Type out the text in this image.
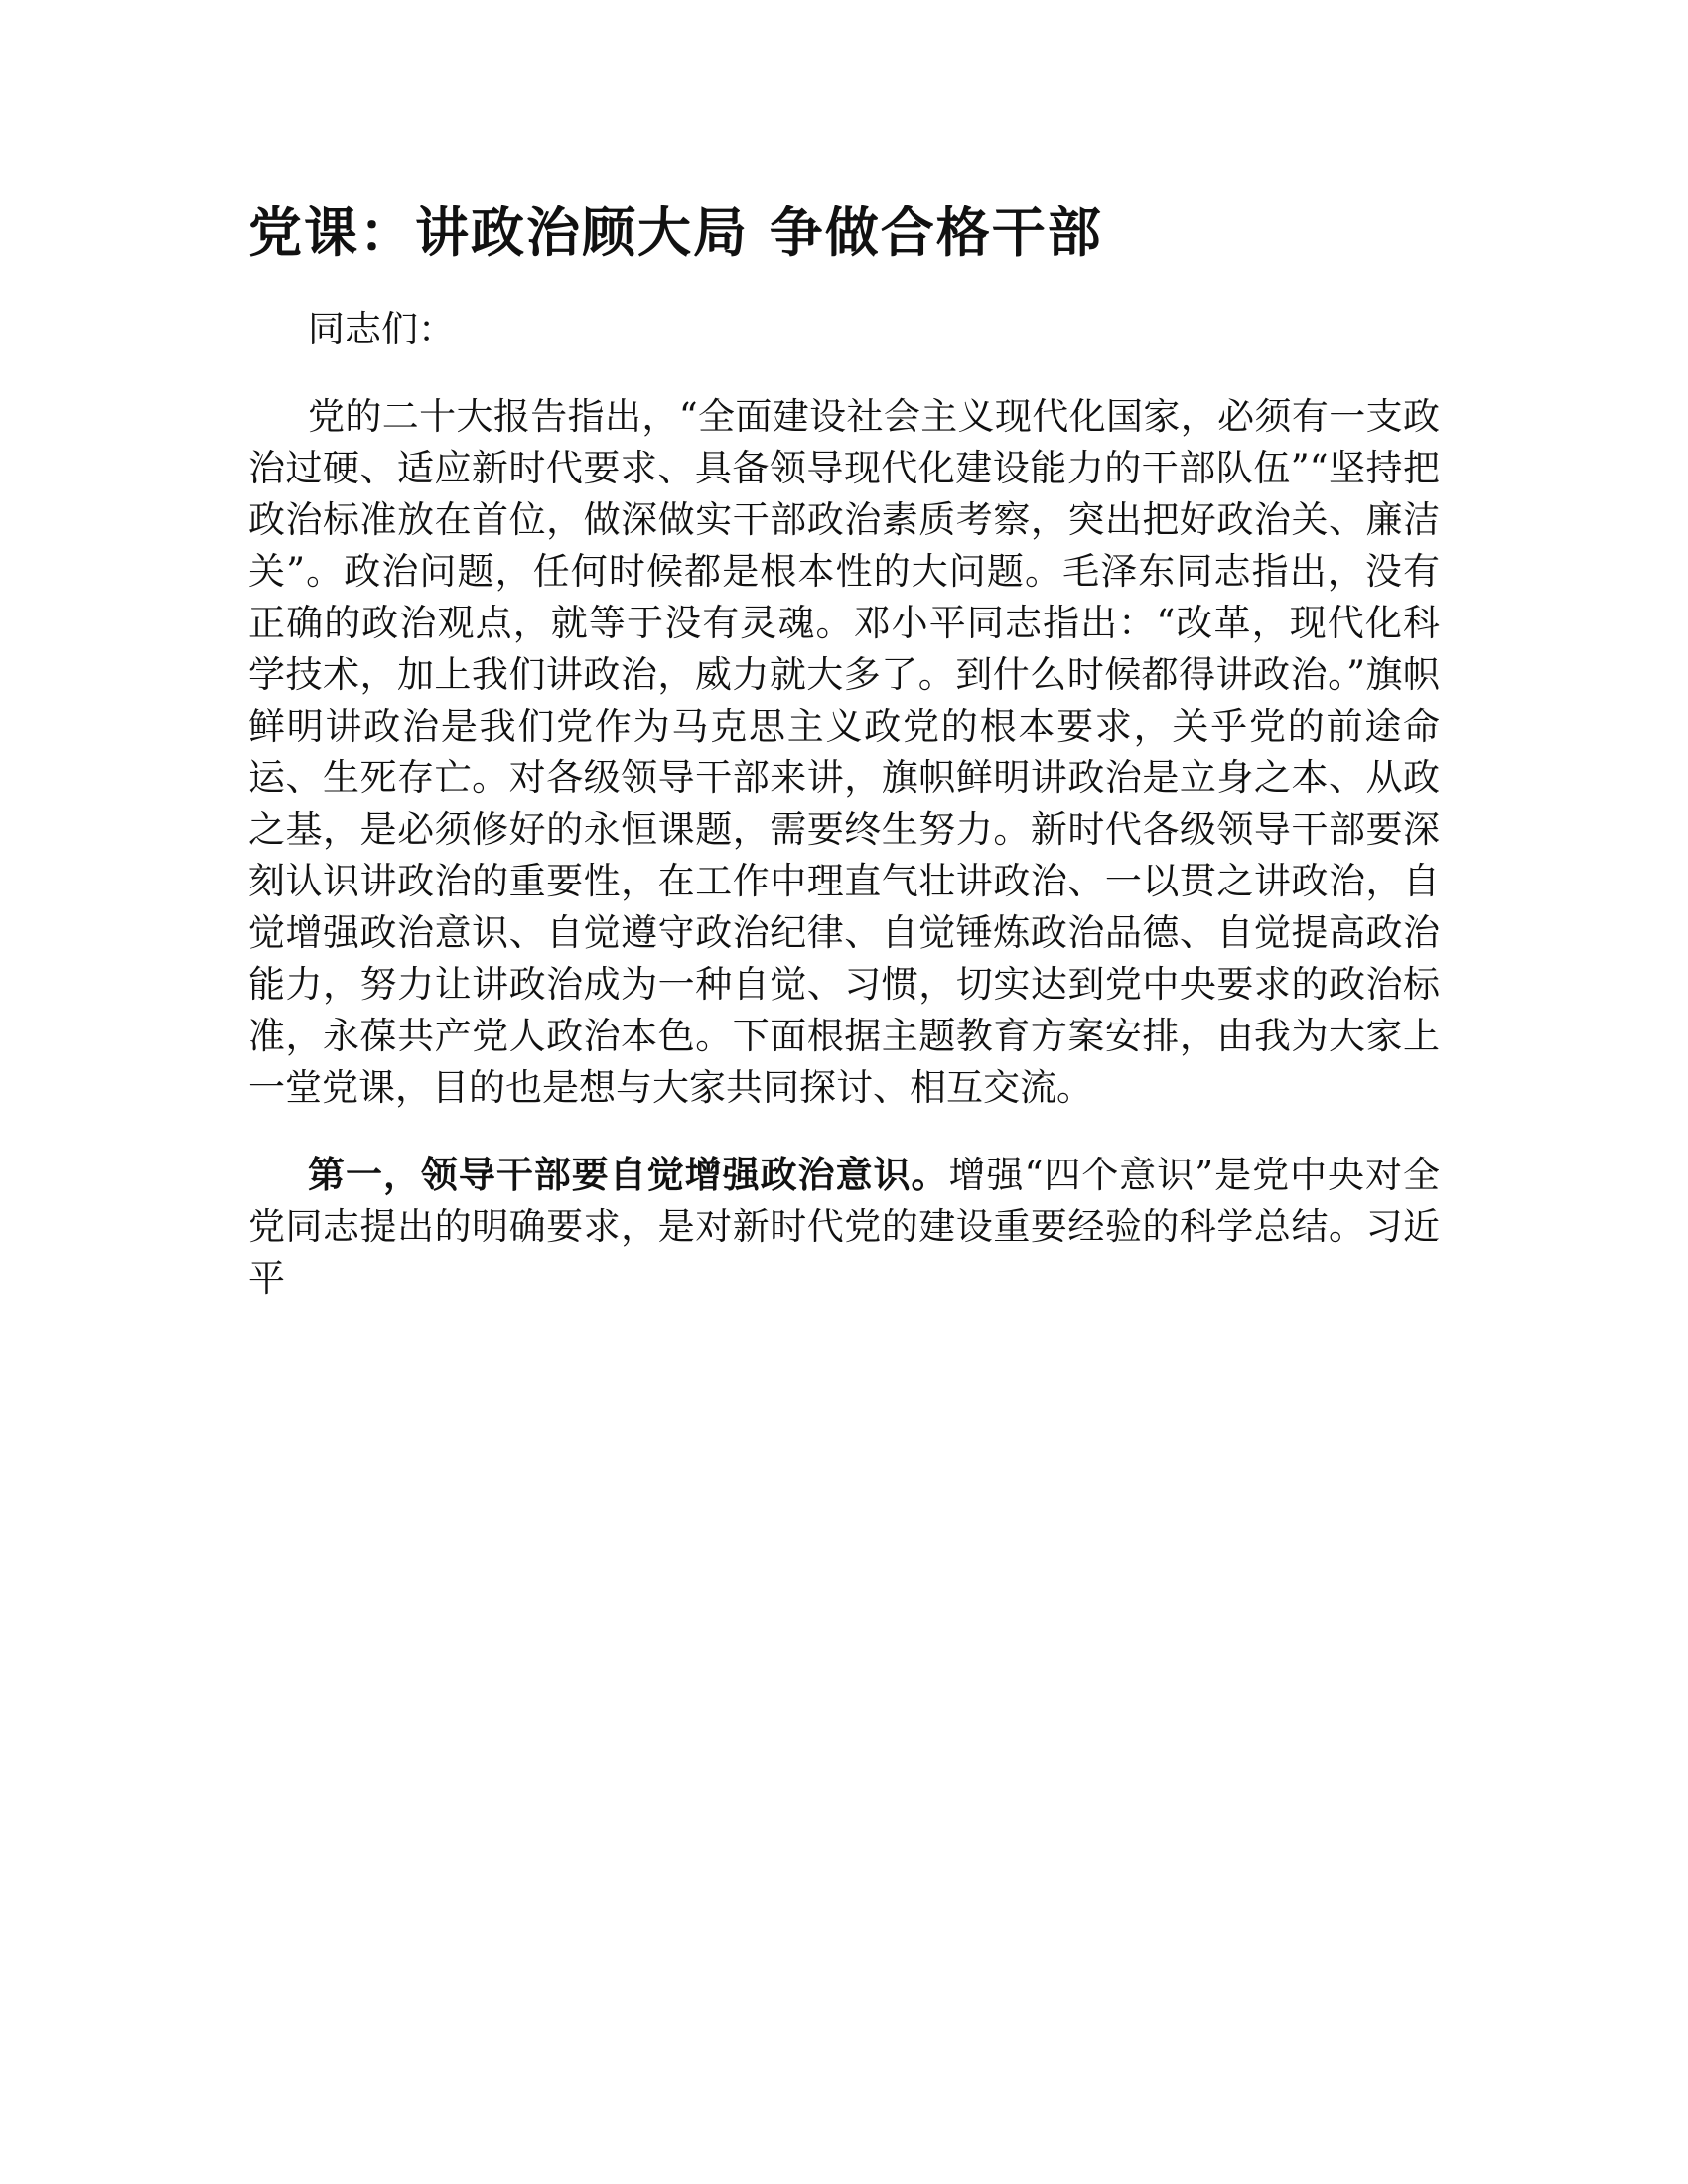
党课：讲政治顾大局 争做合格干部

同志们：

党的二十大报告指出，“全面建设社会主义现代化国家，必须有一支政治过硬、适应新时代要求、具备领导现代化建设能力的干部队伍”“坚持把政治标准放在首位，做深做实干部政治素质考察，突出把好政治关、廉洁关”。政治问题，任何时候都是根本性的大问题。毛泽东同志指出，没有正确的政治观点，就等于没有灵魂。邓小平同志指出：“改革，现代化科学技术，加上我们讲政治，威力就大多了。到什么时候都得讲政治。”旗帜鲜明讲政治是我们党作为马克思主义政党的根本要求，关乎党的前途命运、生死存亡。对各级领导干部来讲，旗帜鲜明讲政治是立身之本、从政之基，是必须修好的永恒课题，需要终生努力。新时代各级领导干部要深刻认识讲政治的重要性，在工作中理直气壮讲政治、一以贯之讲政治，自觉增强政治意识、自觉遵守政治纪律、自觉锤炼政治品德、自觉提高政治能力，努力让讲政治成为一种自觉、习惯，切实达到党中央要求的政治标准，永葆共产党人政治本色。下面根据主题教育方案安排，由我为大家上一堂党课，目的也是想与大家共同探讨、相互交流。

第一，领导干部要自觉增强政治意识。增强“四个意识”是党中央对全党同志提出的明确要求，是对新时代党的建设重要经验的科学总结。习近平
